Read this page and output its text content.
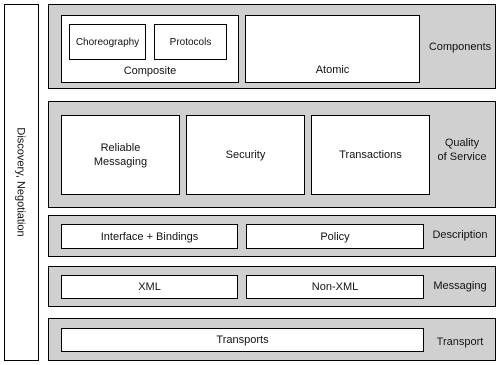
Discovery, Negotiation
Choreography	Protocols
Composite	Atomic
Components
Reliable
Messaging
Security	Transactions
Quality
of Service
Interface + Bindings	Policy	Description
XML	Non-XML	Messaging
Transports	Transport
